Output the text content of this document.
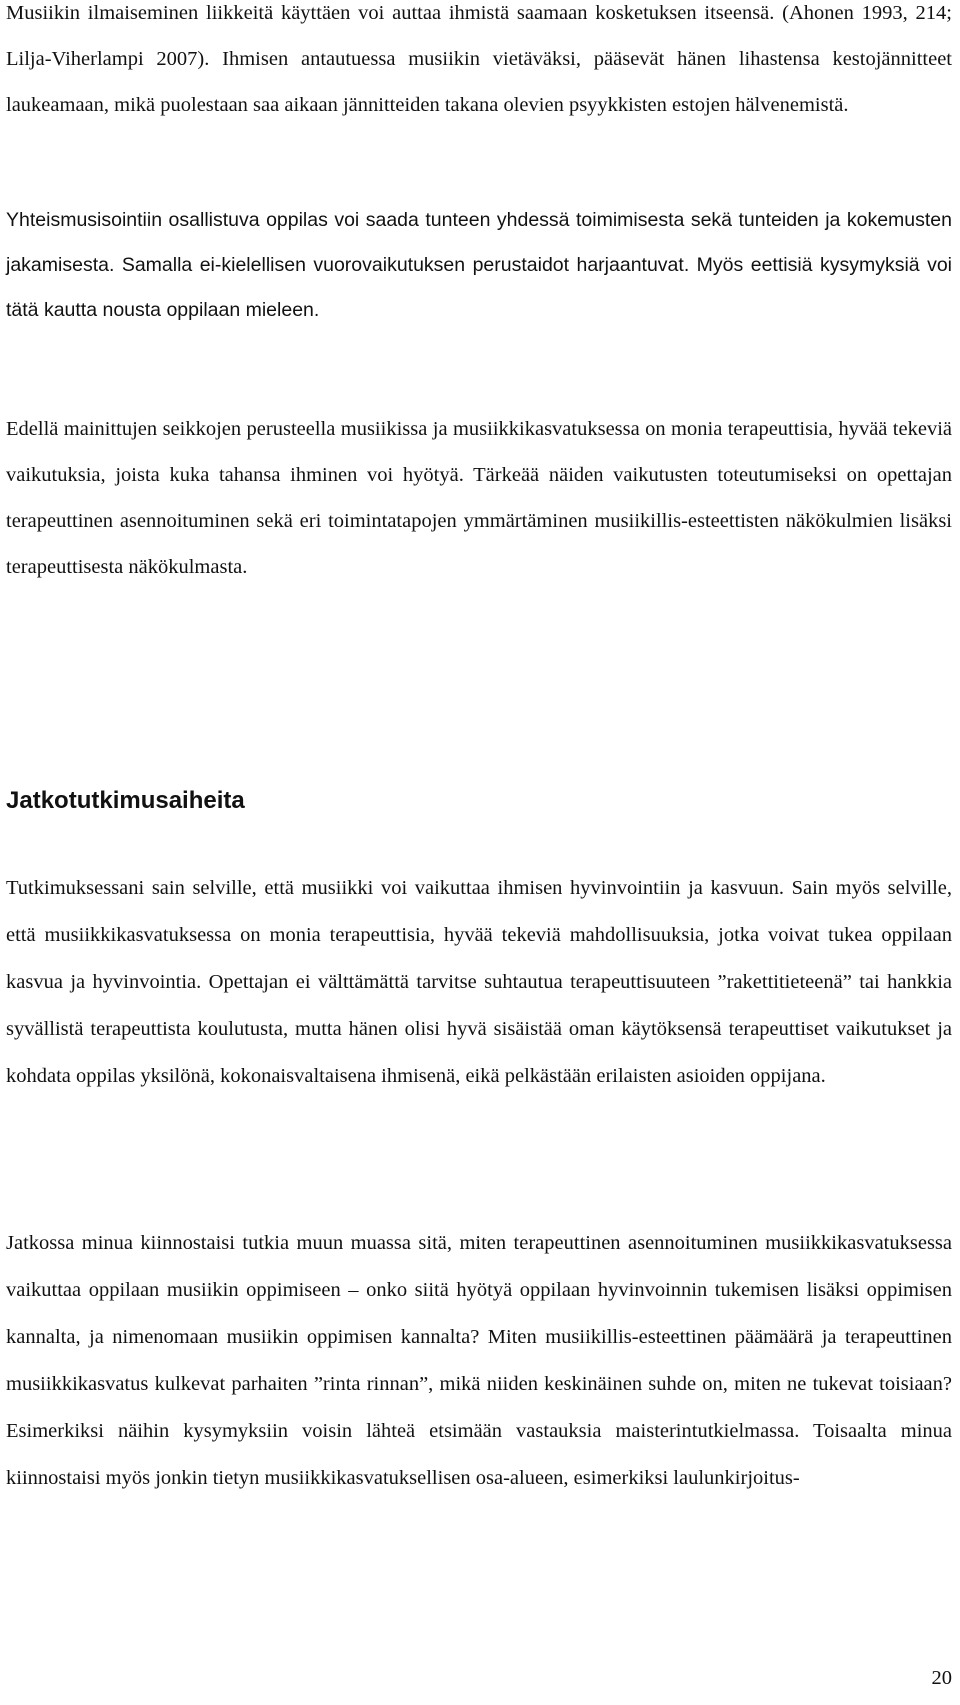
Musiikin ilmaiseminen liikkeitä käyttäen voi auttaa ihmistä saamaan kosketuksen itseensä. (Ahonen 1993, 214; Lilja-Viherlampi 2007). Ihmisen antautuessa musiikin vietäväksi, pääsevät hänen lihastensa kestojännitteet laukeamaan, mikä puolestaan saa aikaan jännitteiden takana olevien psyykkisten estojen hälvenemistä.

Yhteismusisointiin osallistuva oppilas voi saada tunteen yhdessä toimimisesta sekä tunteiden ja kokemusten jakamisesta. Samalla ei-kielellisen vuorovaikutuksen perustaidot harjaantuvat. Myös eettisiä kysymyksiä voi tätä kautta nousta oppilaan mieleen.

Edellä mainittujen seikkojen perusteella musiikissa ja musiikkikasvatuksessa on monia terapeuttisia, hyvää tekeviä vaikutuksia, joista kuka tahansa ihminen voi hyötyä. Tärkeää näiden vaikutusten toteutumiseksi on opettajan terapeuttinen asennoituminen sekä eri toimintatapojen ymmärtäminen musiikillis-esteettisten näkökulmien lisäksi terapeuttisesta näkökulmasta.

Jatkotutkimusaiheita

Tutkimuksessani sain selville, että musiikki voi vaikuttaa ihmisen hyvinvointiin ja kasvuun. Sain myös selville, että musiikkikasvatuksessa on monia terapeuttisia, hyvää tekeviä mahdollisuuksia, jotka voivat tukea oppilaan kasvua ja hyvinvointia. Opettajan ei välttämättä tarvitse suhtautua terapeuttisuuteen ”rakettitieteenä” tai hankkia syvällistä terapeuttista koulutusta, mutta hänen olisi hyvä sisäistää oman käytöksensä terapeuttiset vaikutukset ja kohdata oppilas yksilönä, kokonaisvaltaisena ihmisenä, eikä pelkästään erilaisten asioiden oppijana.

Jatkossa minua kiinnostaisi tutkia muun muassa sitä, miten terapeuttinen asennoituminen musiikkikasvatuksessa vaikuttaa oppilaan musiikin oppimiseen – onko siitä hyötyä oppilaan hyvinvoinnin tukemisen lisäksi oppimisen kannalta, ja nimenomaan musiikin oppimisen kannalta? Miten musiikillis-esteettinen päämäärä ja terapeuttinen musiikkikasvatus kulkevat parhaiten ”rinta rinnan”, mikä niiden keskinäinen suhde on, miten ne tukevat toisiaan? Esimerkiksi näihin kysymyksiin voisin lähteä etsimään vastauksia maisterintutkielmassa. Toisaalta minua kiinnostaisi myös jonkin tietyn musiikkikasvatuksellisen osa-alueen, esimerkiksi laulunkirjoitus-

20
